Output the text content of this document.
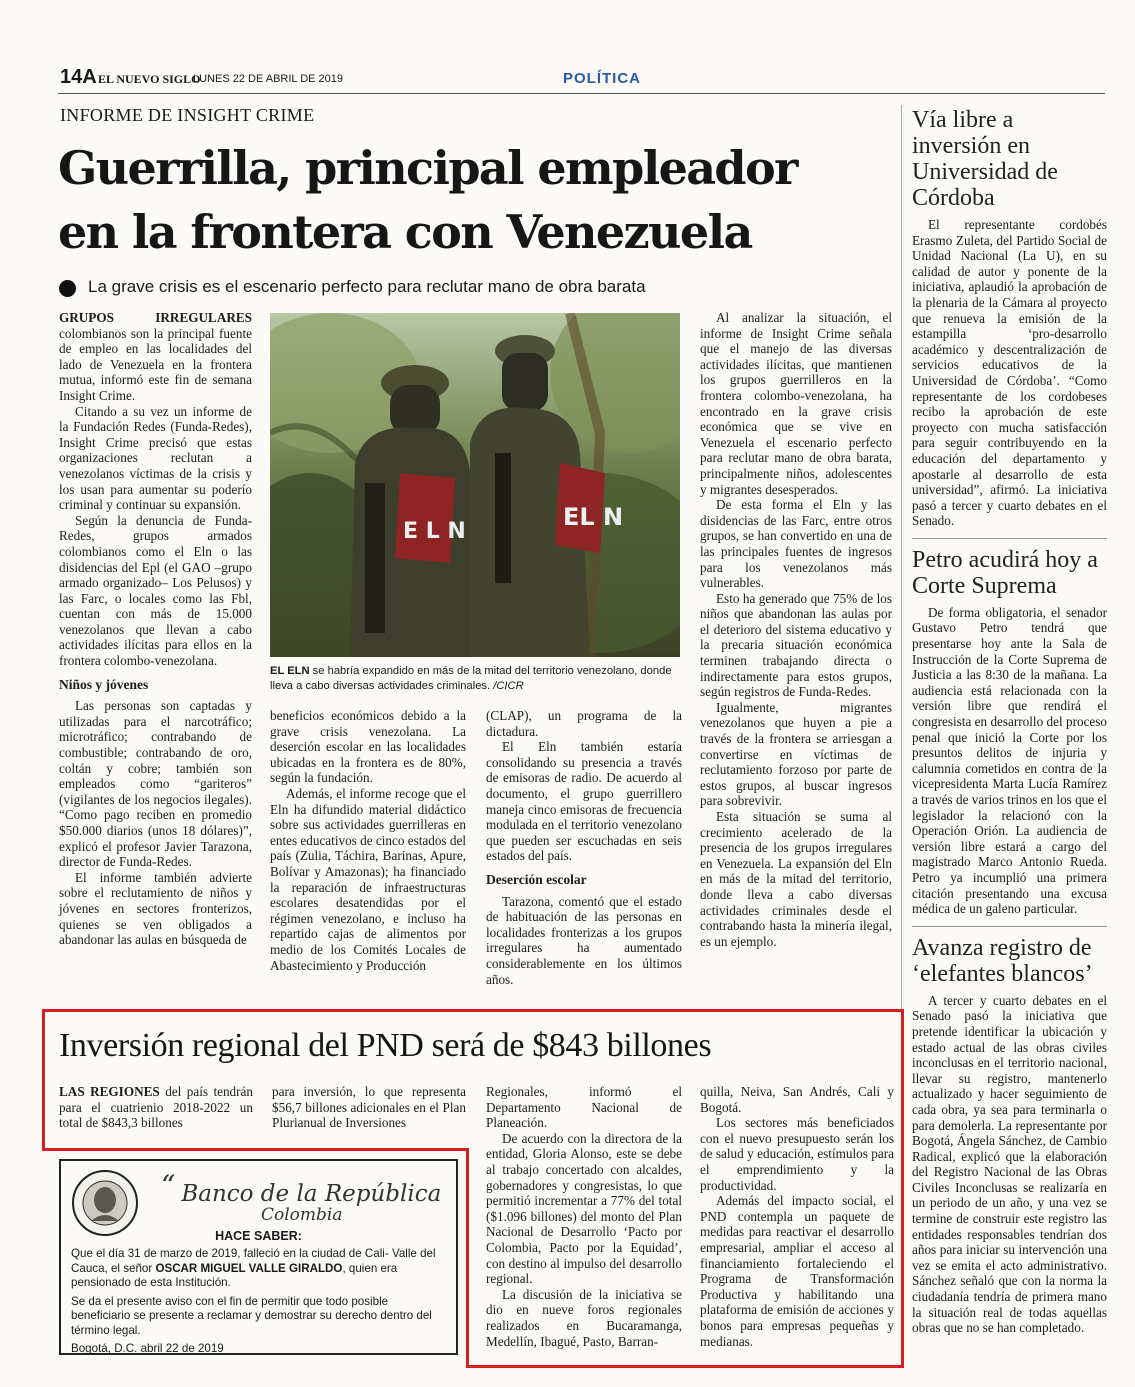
14A EL NUEVO SIGLO
LUNES 22 DE ABRIL DE 2019	POLÍTICA
INFORME DE INSIGHT CRIME
Guerrilla, principal empleador
en la frontera con Venezuela
La grave crisis es el escenario perfecto para reclutar mano de obra barata

GRUPOS IRREGULARES colombianos son la principal fuente de empleo en las localidades del lado de Venezuela en la frontera mutua, informó este fin de semana Insight Crime.

Citando a su vez un informe de la Fundación Redes (Funda-Redes), Insight Crime precisó que estas organizaciones reclutan a venezolanos víctimas de la crisis y los usan para aumentar su poderío criminal y continuar su expansión.

Según la denuncia de Funda-Redes, grupos armados colombianos como el Eln o las disidencias del Epl (el GAO –grupo armado organizado– Los Pelusos) y las Farc, o locales como las Fbl, cuentan con más de 15.000 venezolanos que llevan a cabo actividades ilícitas para ellos en la frontera colombo-venezolana.

Niños y jóvenes

Las personas son captadas y utilizadas para el narcotráfico; microtráfico; contrabando de combustible; contrabando de oro, coltán y cobre; también son empleados como “gariteros” (vigilantes de los negocios ilegales). “Como pago reciben en promedio $50.000 diarios (unos 18 dólares)”, explicó el profesor Javier Tarazona, director de Funda-Redes.

El informe también advierte sobre el reclutamiento de niños y jóvenes en sectores fronterizos, quienes se ven obligados a abandonar las aulas en búsqueda de

E L N
EL N
EL ELN se habría expandido en más de la mitad del territorio venezolano, donde lleva a cabo diversas actividades criminales. /CICR

beneficios económicos debido a la grave crisis venezolana. La deserción escolar en las localidades ubicadas en la frontera es de 80%, según la fundación.

Además, el informe recoge que el Eln ha difundido material didáctico sobre sus actividades guerrilleras en entes educativos de cinco estados del país (Zulia, Táchira, Barinas, Apure, Bolívar y Amazonas); ha financiado la reparación de infraestructuras escolares desatendidas por el régimen venezolano, e incluso ha repartido cajas de alimentos por medio de los Comités Locales de Abastecimiento y Producción

(CLAP), un programa de la dictadura.

El Eln también estaría consolidando su presencia a través de emisoras de radio. De acuerdo al documento, el grupo guerrillero maneja cinco emisoras de frecuencia modulada en el territorio venezolano que pueden ser escuchadas en seis estados del país.

Deserción escolar

Tarazona, comentó que el estado de habituación de las personas en localidades fronterizas a los grupos irregulares ha aumentado considerablemente en los últimos años.

Al analizar la situación, el informe de Insight Crime señala que el manejo de las diversas actividades ilícitas, que mantienen los grupos guerrilleros en la frontera colombo-venezolana, ha encontrado en la grave crisis económica que se vive en Venezuela el escenario perfecto para reclutar mano de obra barata, principalmente niños, adolescentes y migrantes desesperados.

De esta forma el Eln y las disidencias de las Farc, entre otros grupos, se han convertido en una de las principales fuentes de ingresos para los venezolanos más vulnerables.

Esto ha generado que 75% de los niños que abandonan las aulas por el deterioro del sistema educativo y la precaria situación económica terminen trabajando directa o indirectamente para estos grupos, según registros de Funda-Redes.

Igualmente, migrantes venezolanos que huyen a pie a través de la frontera se arriesgan a convertirse en víctimas de reclutamiento forzoso por parte de estos grupos, al buscar ingresos para sobrevivir.

Esta situación se suma al crecimiento acelerado de la presencia de los grupos irregulares en Venezuela. La expansión del Eln en más de la mitad del territorio, donde lleva a cabo diversas actividades criminales desde el contrabando hasta la minería ilegal, es un ejemplo.

Vía libre a inversión en Universidad de Córdoba

El representante cordobés Erasmo Zuleta, del Partido Social de Unidad Nacional (La U), en su calidad de autor y ponente de la iniciativa, aplaudió la aprobación de la plenaria de la Cámara al proyecto que renueva la emisión de la estampilla ‘pro-desarrollo académico y descentralización de servicios educativos de la Universidad de Córdoba’. “Como representante de los cordobeses recibo la aprobación de este proyecto con mucha satisfacción para seguir contribuyendo en la educación del departamento y apostarle al desarrollo de esta universidad”, afirmó. La iniciativa pasó a tercer y cuarto debates en el Senado.

Petro acudirá hoy a Corte Suprema

De forma obligatoria, el senador Gustavo Petro tendrá que presentarse hoy ante la Sala de Instrucción de la Corte Suprema de Justicia a las 8:30 de la mañana. La audiencia está relacionada con la versión libre que rendirá el congresista en desarrollo del proceso penal que inició la Corte por los presuntos delitos de injuria y calumnia cometidos en contra de la vicepresidenta Marta Lucía Ramírez a través de varios trinos en los que el legislador la relacionó con la Operación Orión. La audiencia de versión libre estará a cargo del magistrado Marco Antonio Rueda. Petro ya incumplió una primera citación presentando una excusa médica de un galeno particular.

Avanza registro de ‘elefantes blancos’

A tercer y cuarto debates en el Senado pasó la iniciativa que pretende identificar la ubicación y estado actual de las obras civiles inconclusas en el territorio nacional, llevar su registro, mantenerlo actualizado y hacer seguimiento de cada obra, ya sea para terminarla o para demolerla. La representante por Bogotá, Ángela Sánchez, de Cambio Radical, explicó que la elaboración del Registro Nacional de las Obras Civiles Inconclusas se realizaría en un periodo de un año, y una vez se termine de construir este registro las entidades responsables tendrían dos años para iniciar su intervención una vez se emita el acto administrativo. Sánchez señaló que con la norma la ciudadanía tendría de primera mano la situación real de todas aquellas obras que no se han completado.

Inversión regional del PND será de $843 billones

LAS REGIONES del país tendrán para el cuatrienio 2018-2022 un total de $843,3 billones

para inversión, lo que representa $56,7 billones adicionales en el Plan Plurianual de Inversiones

Regionales, informó el Departamento Nacional de Planeación.

De acuerdo con la directora de la entidad, Gloria Alonso, este se debe al trabajo concertado con alcaldes, gobernadores y congresistas, lo que permitió incrementar a 77% del total ($1.096 billones) del monto del Plan Nacional de Desarrollo ‘Pacto por Colombia, Pacto por la Equidad’, con destino al impulso del desarrollo regional.

La discusión de la iniciativa se dio en nueve foros regionales realizados en Bucaramanga, Medellín, Ibagué, Pasto, Barran-

quilla, Neiva, San Andrés, Cali y Bogotá.

Los sectores más beneficiados con el nuevo presupuesto serán los de salud y educación, estímulos para el emprendimiento y la productividad.

Además del impacto social, el PND contempla un paquete de medidas para reactivar el desarrollo empresarial, ampliar el acceso al financiamiento fortaleciendo el Programa de Transformación Productiva y habilitando una plataforma de emisión de acciones y bonos para empresas pequeñas y medianas.

“ Banco de la República
Colombia
HACE SABER:
Que el día 31 de marzo de 2019, falleció en la ciudad de Cali- Valle del Cauca, el señor OSCAR MIGUEL VALLE GIRALDO, quien era pensionado de esta Institución.
Se da el presente aviso con el fin de permitir que todo posible beneficiario se presente a reclamar y demostrar su derecho dentro del término legal.
Bogotá, D.C. abril 22 de 2019
